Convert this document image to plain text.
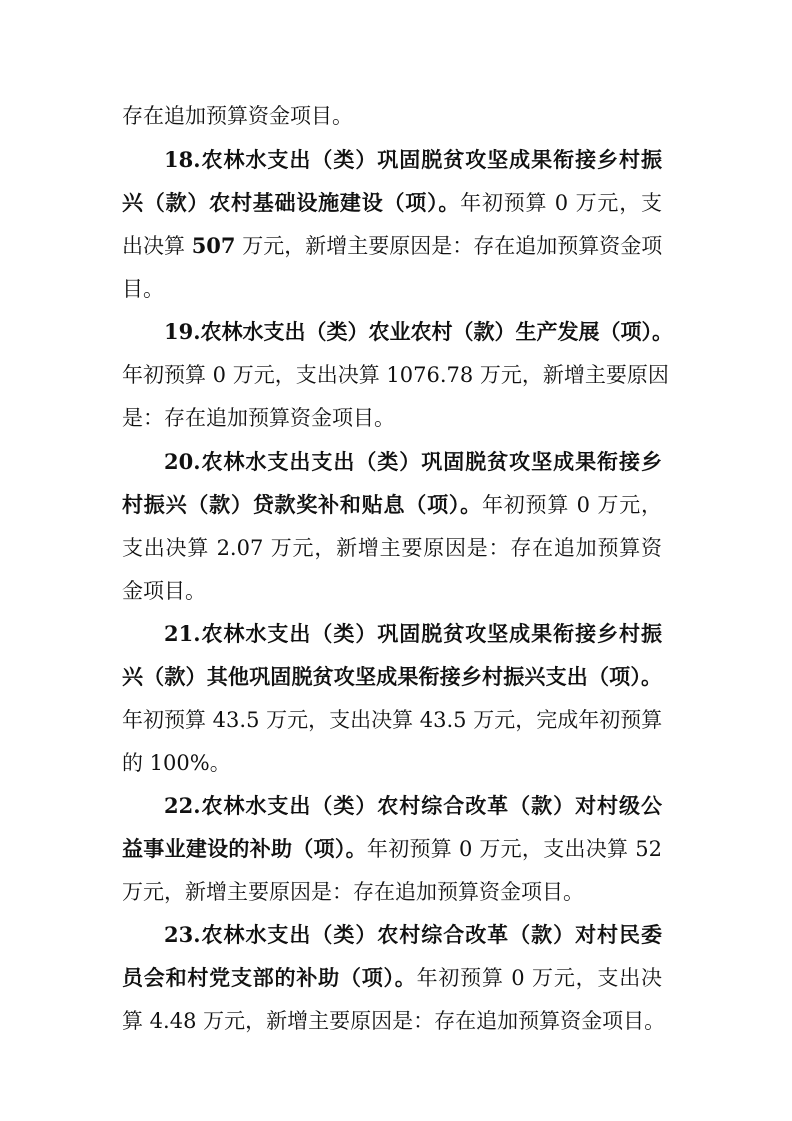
存在追加预算资金项目。
18.农林水支出（类）巩固脱贫攻坚成果衔接乡村振
兴（款）农村基础设施建设（项）。年初预算 0 万元，支
出决算 507 万元，新增主要原因是：存在追加预算资金项
目。
19.农林水支出（类）农业农村（款）生产发展（项）。
年初预算 0 万元，支出决算 1076.78 万元，新增主要原因
是：存在追加预算资金项目。
20.农林水支出支出（类）巩固脱贫攻坚成果衔接乡
村振兴（款）贷款奖补和贴息（项）。年初预算 0 万元，
支出决算 2.07 万元，新增主要原因是：存在追加预算资
金项目。
21.农林水支出（类）巩固脱贫攻坚成果衔接乡村振
兴（款）其他巩固脱贫攻坚成果衔接乡村振兴支出（项）。
年初预算 43.5 万元，支出决算 43.5 万元，完成年初预算
的 100%。
22.农林水支出（类）农村综合改革（款）对村级公
益事业建设的补助（项）。年初预算 0 万元，支出决算 52
万元，新增主要原因是：存在追加预算资金项目。
23.农林水支出（类）农村综合改革（款）对村民委
员会和村党支部的补助（项）。年初预算 0 万元，支出决
算 4.48 万元，新增主要原因是：存在追加预算资金项目。
